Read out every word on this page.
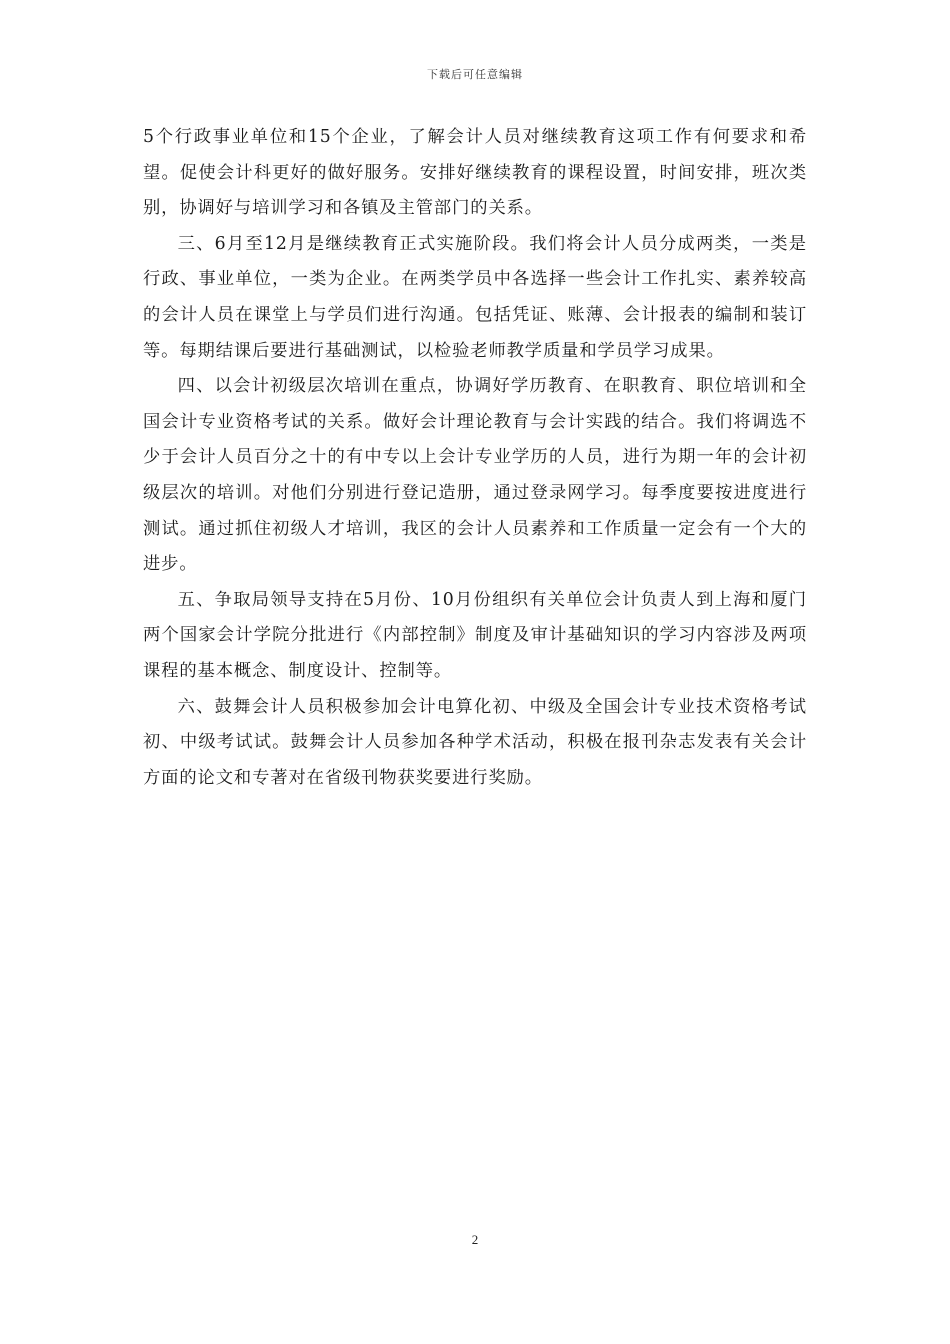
下载后可任意编辑

5个行政事业单位和15个企业，了解会计人员对继续教育这项工作有何要求和希望。促使会计科更好的做好服务。安排好继续教育的课程设置，时间安排，班次类别，协调好与培训学习和各镇及主管部门的关系。

三、6月至12月是继续教育正式实施阶段。我们将会计人员分成两类，一类是行政、事业单位，一类为企业。在两类学员中各选择一些会计工作扎实、素养较高的会计人员在课堂上与学员们进行沟通。包括凭证、账薄、会计报表的编制和装订等。每期结课后要进行基础测试，以检验老师教学质量和学员学习成果。

四、以会计初级层次培训在重点，协调好学历教育、在职教育、职位培训和全国会计专业资格考试的关系。做好会计理论教育与会计实践的结合。我们将调选不少于会计人员百分之十的有中专以上会计专业学历的人员，进行为期一年的会计初级层次的培训。对他们分别进行登记造册，通过登录网学习。每季度要按进度进行测试。通过抓住初级人才培训，我区的会计人员素养和工作质量一定会有一个大的进步。

五、争取局领导支持在5月份、10月份组织有关单位会计负责人到上海和厦门两个国家会计学院分批进行《内部控制》制度及审计基础知识的学习内容涉及两项课程的基本概念、制度设计、控制等。

六、鼓舞会计人员积极参加会计电算化初、中级及全国会计专业技术资格考试初、中级考试试。鼓舞会计人员参加各种学术活动，积极在报刊杂志发表有关会计方面的论文和专著对在省级刊物获奖要进行奖励。

2
